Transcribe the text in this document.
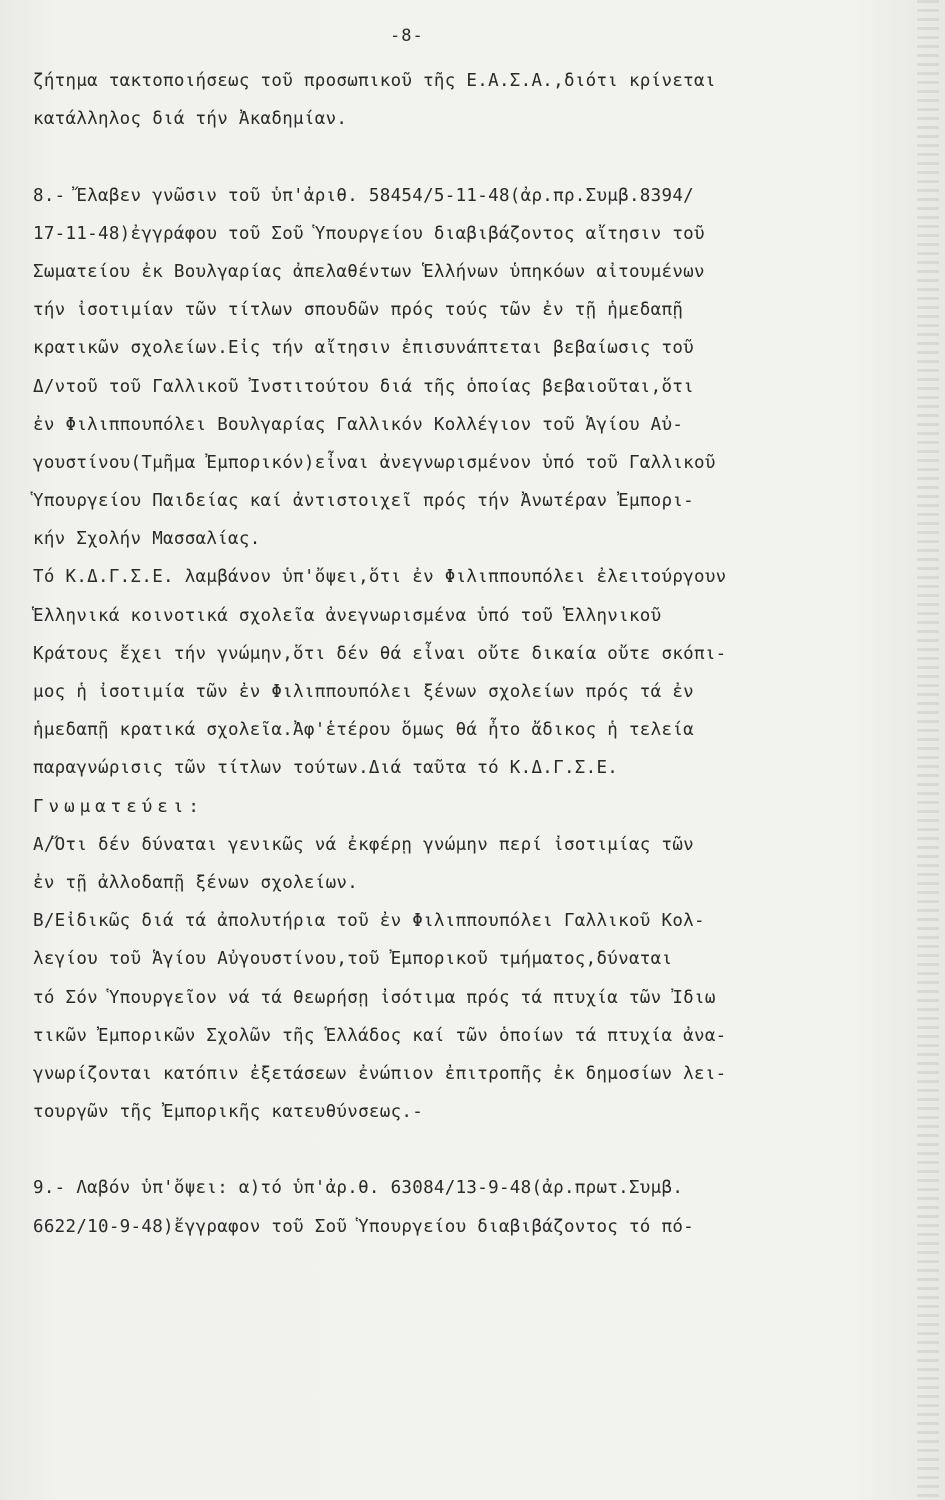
-8-
ζήτημα τακτοποιήσεως τοῦ προσωπικοῦ τῆς Ε.Α.Σ.Α.,διότι κρίνεται
κατάλληλος διά τήν Ἀκαδημίαν.
8.- Ἔλαβεν γνῶσιν τοῦ ὑπ'ἀριθ. 58454/5-11-48(ἀρ.πρ.Συμβ.8394/
17-11-48)ἐγγράφου τοῦ Σοῦ Ὑπουργείου διαβιβάζοντος αἴτησιν τοῦ
Σωματείου ἐκ Βουλγαρίας ἀπελαθέντων Ἑλλήνων ὑπηκόων αἰτουμένων
τήν ἰσοτιμίαν τῶν τίτλων σπουδῶν πρός τούς τῶν ἐν τῇ ἡμεδαπῇ
κρατικῶν σχολείων.Εἰς τήν αἴτησιν ἐπισυνάπτεται βεβαίωσις τοῦ
Δ/ντοῦ τοῦ Γαλλικοῦ Ἰνστιτούτου διά τῆς ὁποίας βεβαιοῦται,ὅτι
ἐν Φιλιππουπόλει Βουλγαρίας Γαλλικόν Κολλέγιον τοῦ Ἁγίου Αὐ-
γουστίνου(Τμῆμα Ἐμπορικόν)εἶναι ἀνεγνωρισμένον ὑπό τοῦ Γαλλικοῦ
Ὑπουργείου Παιδείας καί ἀντιστοιχεῖ πρός τήν Ἀνωτέραν Ἐμπορι-
κήν Σχολήν Μασσαλίας.
Τό Κ.Δ.Γ.Σ.Ε. λαμβάνον ὑπ'ὄψει,ὅτι ἐν Φιλιππουπόλει ἐλειτούργουν
Ἑλληνικά κοινοτικά σχολεῖα ἀνεγνωρισμένα ὑπό τοῦ Ἑλληνικοῦ
Κράτους ἔχει τήν γνώμην,ὅτι δέν θά εἶναι οὔτε δικαία οὔτε σκόπι-
μος ἡ ἰσοτιμία τῶν ἐν Φιλιππουπόλει ξένων σχολείων πρός τά ἐν
ἡμεδαπῇ κρατικά σχολεῖα.Ἀφ'ἑτέρου ὅμως θά ἦτο ἄδικος ἡ τελεία
παραγνώρισις τῶν τίτλων τούτων.Διά ταῦτα τό Κ.Δ.Γ.Σ.Ε.
Γνωματεύει:
Α/Ὅτι δέν δύναται γενικῶς νά ἐκφέρῃ γνώμην περί ἰσοτιμίας τῶν
ἐν τῇ ἀλλοδαπῇ ξένων σχολείων.
Β/Εἰδικῶς διά τά ἀπολυτήρια τοῦ ἐν Φιλιππουπόλει Γαλλικοῦ Κολ-
λεγίου τοῦ Ἁγίου Αὐγουστίνου,τοῦ Ἐμπορικοῦ τμήματος,δύναται
τό Σόν Ὑπουργεῖον νά τά θεωρήσῃ ἰσότιμα πρός τά πτυχία τῶν Ἰδιω
τικῶν Ἐμπορικῶν Σχολῶν τῆς Ἑλλάδος καί τῶν ὁποίων τά πτυχία ἀνα-
γνωρίζονται κατόπιν ἐξετάσεων ἐνώπιον ἐπιτροπῆς ἐκ δημοσίων λει-
τουργῶν τῆς Ἐμπορικῆς κατευθύνσεως.-
9.- Λαβόν ὑπ'ὄψει: α)τό ὑπ'ἀρ.θ. 63084/13-9-48(ἀρ.πρωτ.Συμβ.
6622/10-9-48)ἔγγραφον τοῦ Σοῦ Ὑπουργείου διαβιβάζοντος τό πό-
